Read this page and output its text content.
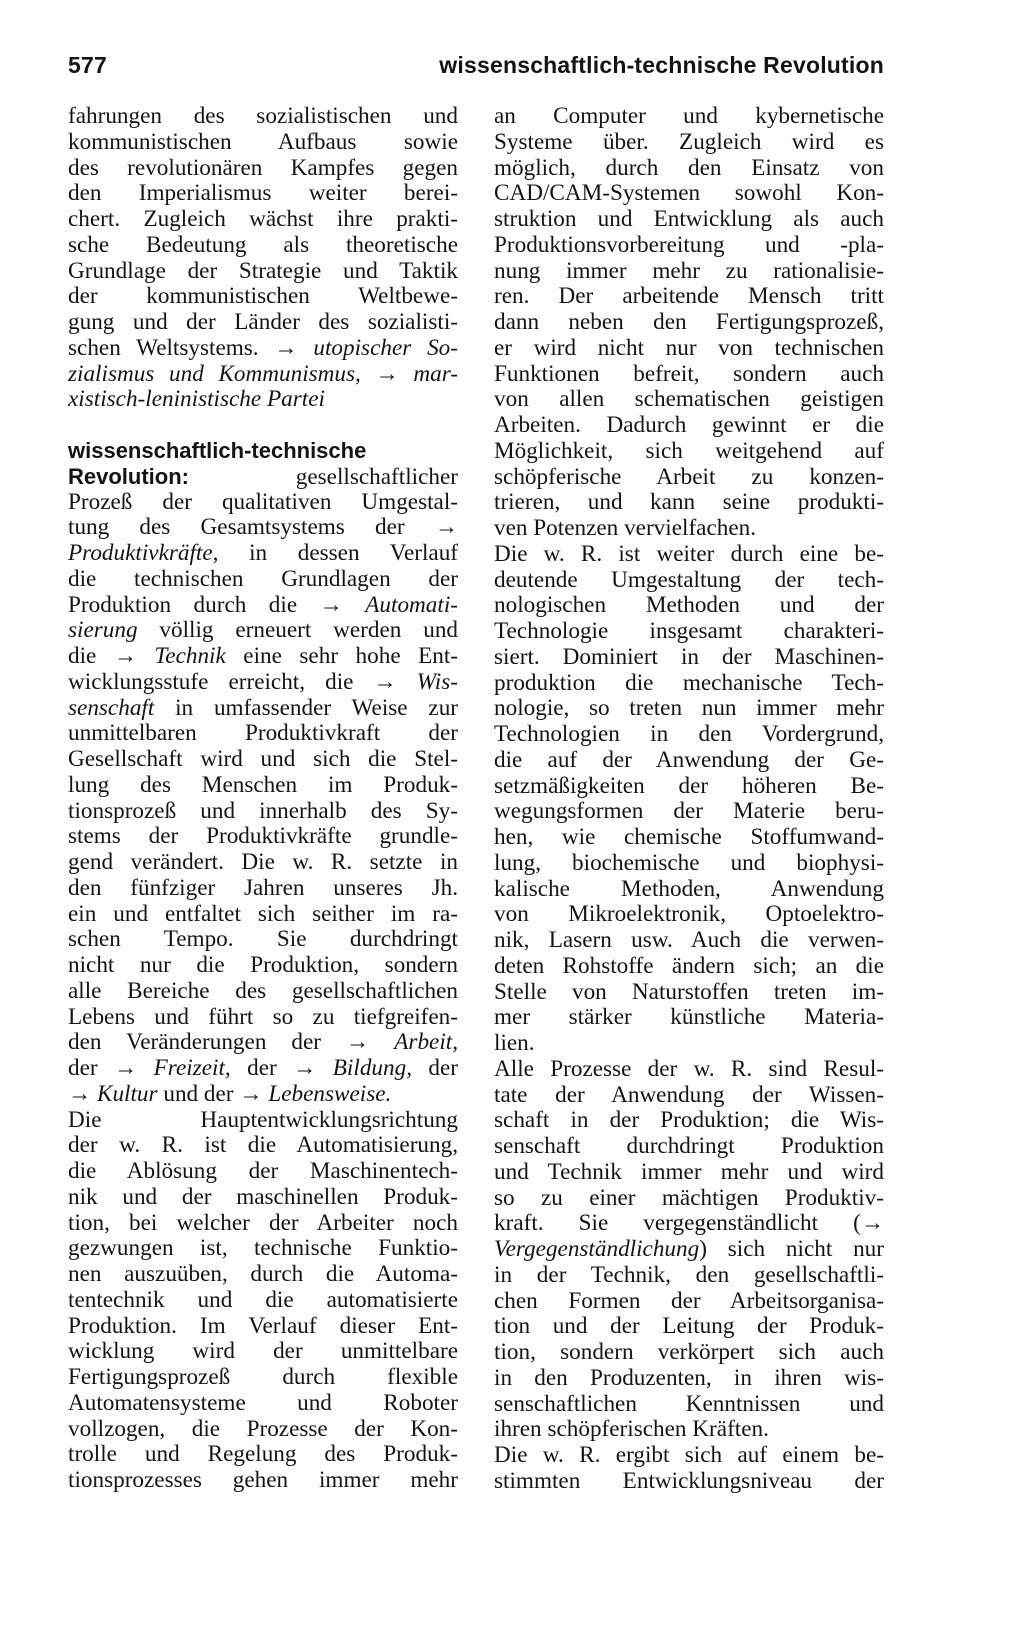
577	wissenschaftlich-technische Revolution
fahrungen des sozialistischen und
kommunistischen Aufbaus sowie
des revolutionären Kampfes gegen
den Imperialismus weiter berei-
chert. Zugleich wächst ihre prakti-
sche Bedeutung als theoretische
Grundlage der Strategie und Taktik
der kommunistischen Weltbewe-
gung und der Länder des sozialisti-
schen Weltsystems. → utopischer So-
zialismus und Kommunismus, → mar-
xistisch-leninistische Partei
wissenschaftlich-technische
Revolution:	gesellschaftlicher
Prozeß der qualitativen Umgestal-
tung des Gesamtsystems der →
Produktivkräfte, in dessen Verlauf
die technischen Grundlagen der
Produktion durch die → Automati-
sierung völlig erneuert werden und
die → Technik eine sehr hohe Ent-
wicklungsstufe erreicht, die → Wis-
senschaft in umfassender Weise zur
unmittelbaren Produktivkraft der
Gesellschaft wird und sich die Stel-
lung des Menschen im Produk-
tionsprozeß und innerhalb des Sy-
stems der Produktivkräfte grundle-
gend verändert. Die w. R. setzte in
den fünfziger Jahren unseres Jh.
ein und entfaltet sich seither im ra-
schen Tempo. Sie durchdringt
nicht nur die Produktion, sondern
alle Bereiche des gesellschaftlichen
Lebens und führt so zu tiefgreifen-
den Veränderungen der → Arbeit,
der → Freizeit, der → Bildung, der
→ Kultur und der → Lebensweise.
Die Hauptentwicklungsrichtung
der w. R. ist die Automatisierung,
die Ablösung der Maschinentech-
nik und der maschinellen Produk-
tion, bei welcher der Arbeiter noch
gezwungen ist, technische Funktio-
nen auszuüben, durch die Automa-
tentechnik und die automatisierte
Produktion. Im Verlauf dieser Ent-
wicklung wird der unmittelbare
Fertigungsprozeß durch flexible
Automatensysteme und Roboter
vollzogen, die Prozesse der Kon-
trolle und Regelung des Produk-
tionsprozesses gehen immer mehr
an Computer und kybernetische
Systeme über. Zugleich wird es
möglich, durch den Einsatz von
CAD/CAM-Systemen sowohl Kon-
struktion und Entwicklung als auch
Produktionsvorbereitung und -pla-
nung immer mehr zu rationalisie-
ren. Der arbeitende Mensch tritt
dann neben den Fertigungsprozeß,
er wird nicht nur von technischen
Funktionen befreit, sondern auch
von allen schematischen geistigen
Arbeiten. Dadurch gewinnt er die
Möglichkeit, sich weitgehend auf
schöpferische Arbeit zu konzen-
trieren, und kann seine produkti-
ven Potenzen vervielfachen.
Die w. R. ist weiter durch eine be-
deutende Umgestaltung der tech-
nologischen Methoden und der
Technologie insgesamt charakteri-
siert. Dominiert in der Maschinen-
produktion die mechanische Tech-
nologie, so treten nun immer mehr
Technologien in den Vordergrund,
die auf der Anwendung der Ge-
setzmäßigkeiten der höheren Be-
wegungsformen der Materie beru-
hen, wie chemische Stoffumwand-
lung, biochemische und biophysi-
kalische Methoden, Anwendung
von Mikroelektronik, Optoelektro-
nik, Lasern usw. Auch die verwen-
deten Rohstoffe ändern sich; an die
Stelle von Naturstoffen treten im-
mer stärker künstliche Materia-
lien.
Alle Prozesse der w. R. sind Resul-
tate der Anwendung der Wissen-
schaft in der Produktion; die Wis-
senschaft durchdringt Produktion
und Technik immer mehr und wird
so zu einer mächtigen Produktiv-
kraft. Sie vergegenständlicht (→
Vergegenständlichung) sich nicht nur
in der Technik, den gesellschaftli-
chen Formen der Arbeitsorganisa-
tion und der Leitung der Produk-
tion, sondern verkörpert sich auch
in den Produzenten, in ihren wis-
senschaftlichen Kenntnissen und
ihren schöpferischen Kräften.
Die w. R. ergibt sich auf einem be-
stimmten Entwicklungsniveau der
